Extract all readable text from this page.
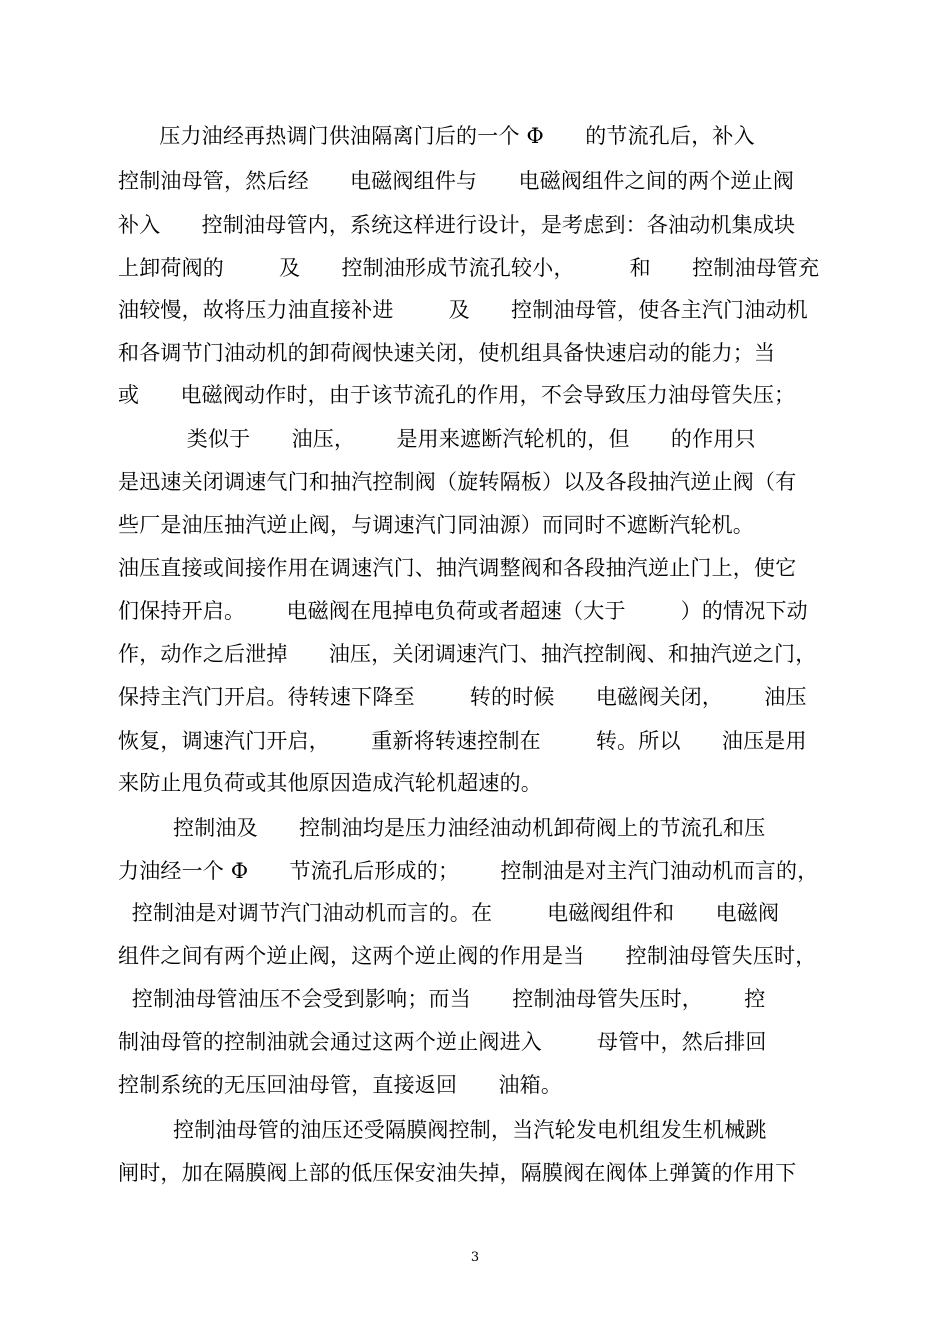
压力油经再热调门供油隔离门后的一个 Φ      的节流孔后，补入
控制油母管，然后经      电磁阀组件与      电磁阀组件之间的两个逆止阀
补入      控制油母管内，系统这样进行设计，是考虑到：各油动机集成块
上卸荷阀的        及      控制油形成节流孔较小，        和      控制油母管充
油较慢，故将压力油直接补进        及      控制油母管，使各主汽门油动机
和各调节门油动机的卸荷阀快速关闭，使机组具备快速启动的能力；当
或      电磁阀动作时，由于该节流孔的作用，不会导致压力油母管失压；
类似于      油压，      是用来遮断汽轮机的，但      的作用只
是迅速关闭调速气门和抽汽控制阀（旋转隔板）以及各段抽汽逆止阀（有
些厂是油压抽汽逆止阀，与调速汽门同油源）而同时不遮断汽轮机。
油压直接或间接作用在调速汽门、抽汽调整阀和各段抽汽逆止门上，使它
们保持开启。      电磁阀在甩掉电负荷或者超速（大于        ）的情况下动
作，动作之后泄掉      油压，关闭调速汽门、抽汽控制阀、和抽汽逆之门，
保持主汽门开启。待转速下降至        转的时候      电磁阀关闭，      油压
恢复，调速汽门开启，      重新将转速控制在        转。所以      油压是用
来防止甩负荷或其他原因造成汽轮机超速的。
控制油及      控制油均是压力油经油动机卸荷阀上的节流孔和压
力油经一个 Φ      节流孔后形成的；      控制油是对主汽门油动机而言的，
控制油是对调节汽门油动机而言的。在        电磁阀组件和      电磁阀
组件之间有两个逆止阀，这两个逆止阀的作用是当      控制油母管失压时，
控制油母管油压不会受到影响；而当      控制油母管失压时，      控
制油母管的控制油就会通过这两个逆止阀进入        母管中，然后排回
控制系统的无压回油母管，直接返回      油箱。
控制油母管的油压还受隔膜阀控制，当汽轮发电机组发生机械跳
闸时，加在隔膜阀上部的低压保安油失掉，隔膜阀在阀体上弹簧的作用下
3
